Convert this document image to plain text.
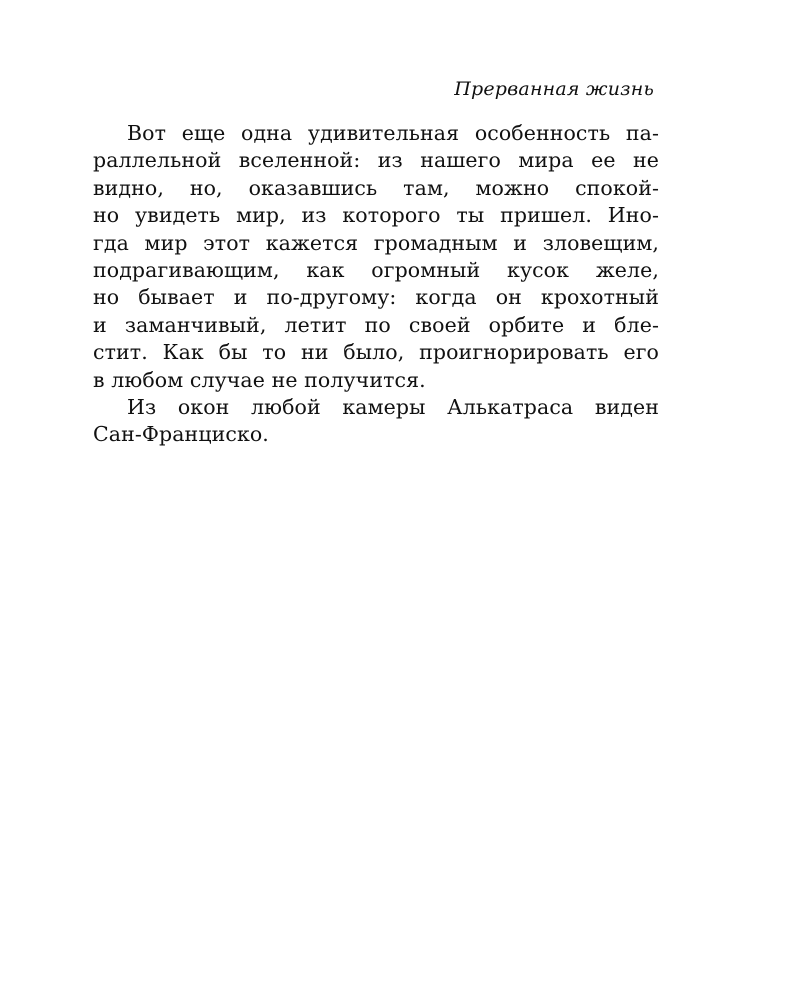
Прерванная жизнь
Вот еще одна удивительная особенность па-
раллельной вселенной: из нашего мира ее не
видно, но, оказавшись там, можно спокой-
но увидеть мир, из которого ты пришел. Ино-
гда мир этот кажется громадным и зловещим,
подрагивающим, как огромный кусок желе,
но бывает и по-другому: когда он крохотный
и заманчивый, летит по своей орбите и бле-
стит. Как бы то ни было, проигнорировать его
в любом случае не получится.
Из окон любой камеры Алькатраса виден
Сан-Франциско.
